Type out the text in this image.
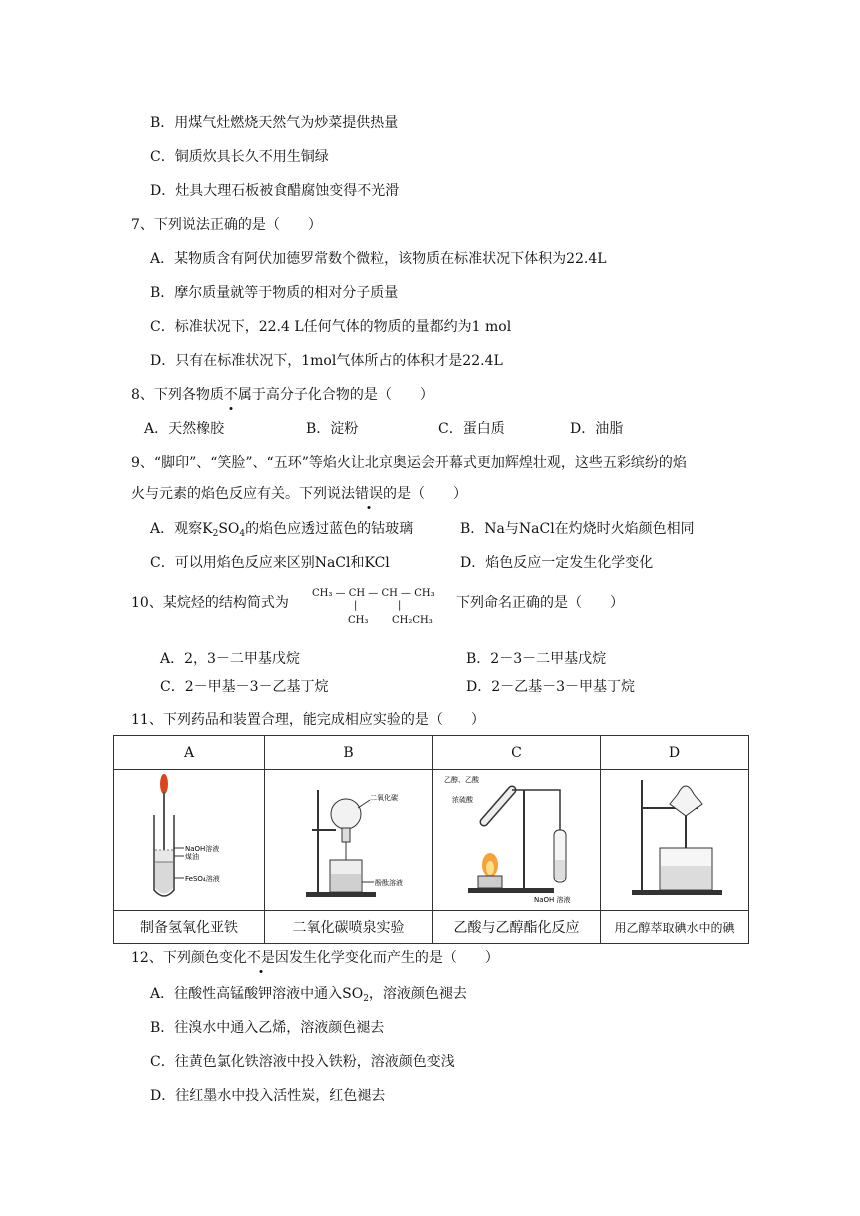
B．用煤气灶燃烧天然气为炒菜提供热量
C．铜质炊具长久不用生铜绿
D．灶具大理石板被食醋腐蚀变得不光滑
7、下列说法正确的是（　　）
A．某物质含有阿伏加德罗常数个微粒，该物质在标准状况下体积为22.4L
B．摩尔质量就等于物质的相对分子质量
C．标准状况下，22.4 L任何气体的物质的量都约为1 mol
D．只有在标准状况下，1mol气体所占的体积才是22.4L
8、下列各物质不属于高分子化合物的是（　　）
A．天然橡胶	B．淀粉	C．蛋白质	D．油脂
9、“脚印”、“笑脸”、“五环”等焰火让北京奥运会开幕式更加辉煌壮观，这些五彩缤纷的焰
火与元素的焰色反应有关。下列说法错误的是（　　）
A．观察$K_2SO_4$的焰色应透过蓝色的钴玻璃	B．Na与NaCl在灼烧时火焰颜色相同
C．可以用焰色反应来区别NaCl和KCl	D．焰色反应一定发生化学变化
10、某烷烃的结构简式为
CH₃ — CH — CH — CH₃
|	|
CH₃ CH₂CH₃
下列命名正确的是（　　）
A．2，3－二甲基戊烷	B．2－3－二甲基戊烷
C．2－甲基－3－乙基丁烷	D．2－乙基－3－甲基丁烷
11、下列药品和装置合理，能完成相应实验的是（　　）
A	B	C	D

NaOH溶液
煤油
FeSO₄溶液	二氧化碳
酚酞溶液	乙醇、乙酸
浓硫酸
NaOH 溶液

制备氢氧化亚铁	二氧化碳喷泉实验	乙酸与乙醇酯化反应	用乙醇萃取碘水中的碘
12、下列颜色变化不是因发生化学变化而产生的是（　　）
A．往酸性高锰酸钾溶液中通入$SO_2$，溶液颜色褪去
B．往溴水中通入乙烯，溶液颜色褪去
C．往黄色氯化铁溶液中投入铁粉，溶液颜色变浅
D．往红墨水中投入活性炭，红色褪去
